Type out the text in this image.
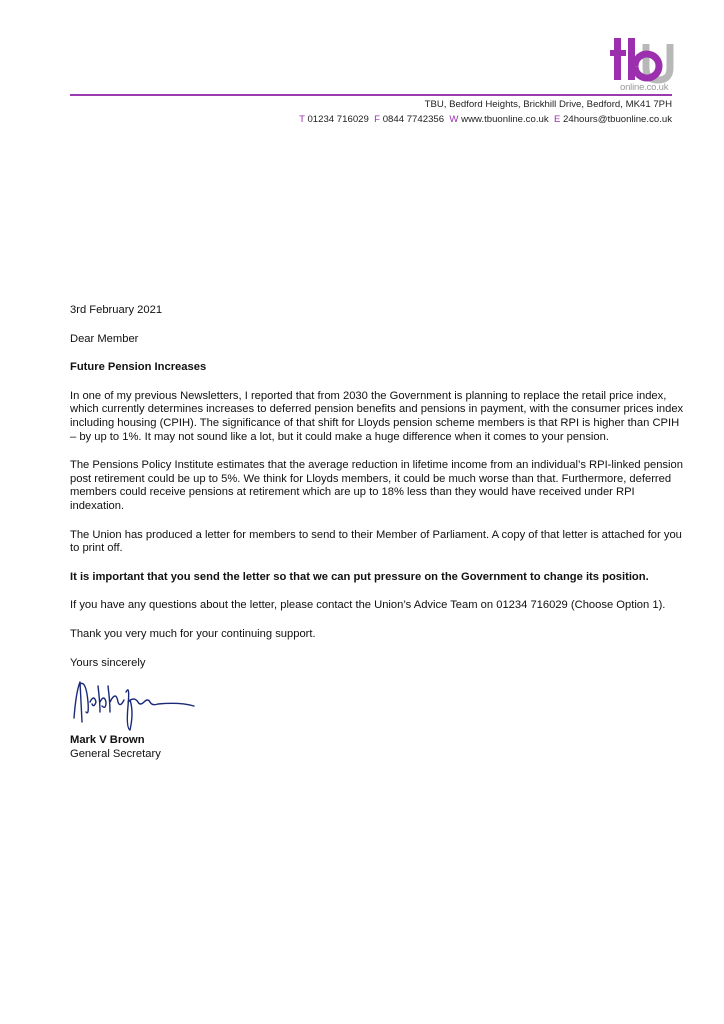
online.co.uk
TBU, Bedford Heights, Brickhill Drive, Bedford, MK41 7PH
T 01234 716029 F 0844 7742356 W www.tbuonline.co.uk E 24hours@tbuonline.co.uk

3rd February 2021

Dear Member

Future Pension Increases

In one of my previous Newsletters, I reported that from 2030 the Government is planning to replace the retail price index, which currently determines increases to deferred pension benefits and pensions in payment, with the consumer prices index including housing (CPIH). The significance of that shift for Lloyds pension scheme members is that RPI is higher than CPIH – by up to 1%. It may not sound like a lot, but it could make a huge difference when it comes to your pension.

The Pensions Policy Institute estimates that the average reduction in lifetime income from an individual’s RPI-linked pension post retirement could be up to 5%. We think for Lloyds members, it could be much worse than that. Furthermore, deferred members could receive pensions at retirement which are up to 18% less than they would have received under RPI indexation.

The Union has produced a letter for members to send to their Member of Parliament. A copy of that letter is attached for you to print off.

It is important that you send the letter so that we can put pressure on the Government to change its position.

If you have any questions about the letter, please contact the Union’s Advice Team on 01234 716029 (Choose Option 1).

Thank you very much for your continuing support.

Yours sincerely

Mark V Brown

General Secretary
